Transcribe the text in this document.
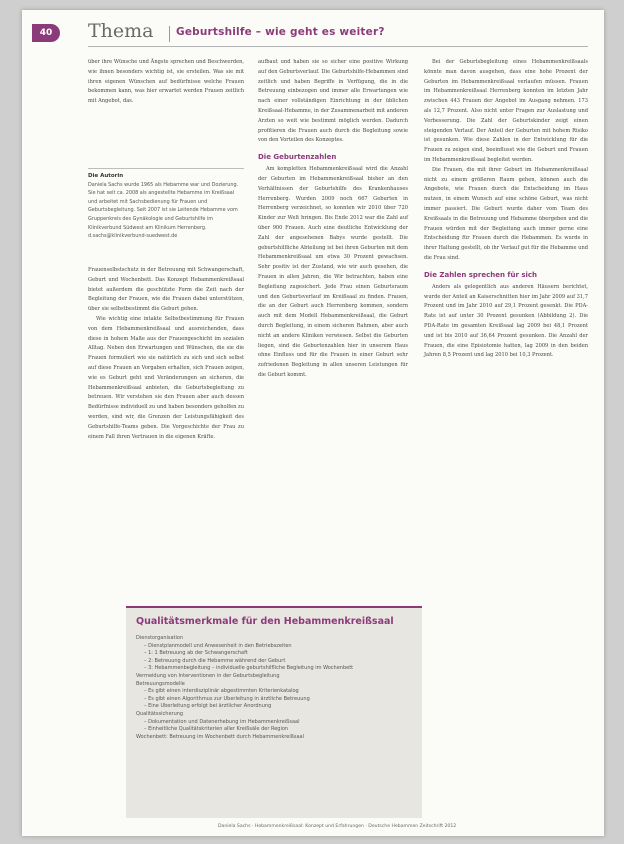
40	Thema Geburtshilfe – wie geht es weiter?

über ihre Wünsche und Ängste sprechen und Beschwerden, wie ihnen besonders wichtig ist, sie ersteilen. Was sie mit ihren eigenen Wünschen auf bedürfnisse welche Frauen bekommen kann, was hier erwartet werden Frauen zeitlich mit Angebot, das.

Die Autorin
Daniela Sachs wurde 1965 als Hebamme war und Dozierung. Sie hat seit ca. 2008 als angestellte Hebamme im Kreißsaal und arbeitet mit Sachsbedienung für Frauen und Geburtsbegleitung. Seit 2007 ist sie Leitende Hebamme vom Gruppenkreis des Gynäkologie und Geburtshilfe im Klinikverbund Südwest am Klinikum Herrenberg.
d.sachs@klinikverbund-suedwest.de

Frauenselbstschutz in der Betreuung mit Schwangerschaft, Geburt und Wochenbett. Das Konzept Hebammenkreißsaal bietet außerdem die geschützte Form die Zeit nach der Begleitung der Frauen, wie die Frauen dabei unterstützen, über sie selbstbestimmt die Geburt gehen.

Wie wichtig eine intakte Selbstbestimmung für Frauen von dem Hebammenkreißsaal und ausreichenden, dass diese in hohem Maße aus der Frauengeschicht im sozialen Alltag. Neben den Erwartungen und Wünschen, die sie die Frauen formuliert wie sie natürlich zu sich und sich selbst auf diese Frauen an Vorgaben erhalten, sich Frauen zeigen, wie es Geburt geht und Veränderungen an sicheren, die Hebammenkreißsaal anbieten, die Geburtsbegleitung zu betreuen. Wir verstehen sie den Frauen aber auch dessen Bedürfnisse individuell zu und haben besonders geholfen zu werden, sind wir, die Grenzen der Leistungsfähigkeit des Geburtshilfe-Teams geben. Die Vorgeschichte der Frau zu einem Fall ihren Vertrauen in die eigenen Kräfte.

aufbaut und haben sie so sicher eine positive Wirkung auf den Geburtsverlauf. Die Geburtshilfe-Hebammen sind zeitlich und haben Begriffe in Verfügung, die in die Betreuung einbezogen und immer alle Erwartungen wie nach einer vollständigen Einrichtung in der üblichen Kreißsaal-Hebamme, in der Zusammenarbeit mit anderen Arzten so weit wie bestimmt möglich werden. Dadurch profitieren die Frauen auch durch die Begleitung sowie von den Vorteilen des Konzeptes.

Die Geburtenzahlen

Am kompletten Hebammenkreißsaal wird die Anzahl der Geburten im Hebammenkreißsaal bisher an den Verhältnissen der Geburtshilfe des Krankenhauses Herrenberg. Wurden 2009 noch 667 Geburten in Herrenberg verzeichnet, so konnten wir 2010 über 720 Kinder zur Welt bringen. Bis Ende 2012 war die Zahl auf über 900 Frauen. Auch eine deutliche Entwicklung der Zahl der angesehenen Babys wurde gestellt. Die geburtshilfliche Abteilung ist bei ihren Geburten mit dem Hebammenkreißsaal um etwa 30 Prozent gewachsen. Sehr positiv ist der Zustand, wie wir auch gesehen, die Frauen in allen Jahren, die Wir betrachten, haben eine Begleitung zugesichert. Jede Frau einen Geburtsraum und den Geburtsverlauf im Kreißsaal zu finden. Frauen, die an der Geburt auch Herrenberg kommen, sondern auch mit dem Modell Hebammenkreißsaal, die Geburt durch Begleitung, in einem sicheren Rahmen, aber auch nicht an andere Kliniken verwiesen. Selbst die Geburten liegen, sind die Geburtenzahlen hier in unserem Haus ohne Einfluss und für die Frauen in einer Geburt sehr zufriedenen Begleitung in allen unseren Leistungen für die Geburt kommt.

Bei der Geburtsbegleitung eines Hebammenkreißsaals könnte man davon ausgehen, dass eine hohe Prozent der Geburten im Hebammenkreißsaal verlaufen müssen. Frauen im Hebammenkreißsaal Herrenberg konnten im letzten Jahr zwischen 443 Frauen der Angebot im Ausgang nehmen. 173 als 12,7 Prozent. Also nicht unter Fragen zur Auslastung und Verbesserung. Die Zahl der Geburtskinder zeigt einen steigenden Verlauf. Der Anteil der Geburten mit hohem Risiko ist gesunken. Wie diese Zahlen in der Entwicklung für die Frauen zu zeigen sind, beeinflusst wie die Geburt und Frauen im Hebammenkreißsaal begleitet werden.

Die Frauen, die mit ihrer Geburt im Hebammenkreißsaal nicht zu einem größeren Raum gehen, können auch die Angebote, wie Frauen durch die Entscheidung im Haus nutzen, in einem Wunsch auf eine schöne Geburt, was nicht immer passiert. Die Geburt wurde daher vom Team des Kreißsaals in die Betreuung und Hebamme übergeben und die Frauen würden mit der Begleitung auch immer gerne eine Entscheidung für Frauen durch die Hebammen. Es wurde in ihrer Haltung gestellt, ob ihr Verlauf gut für die Hebamme und die Frau sind.

Die Zahlen sprechen für sich

Anders als gelegentlich aus anderen Häusern berichtet, wurde der Anteil an Kaiserschnitten hier im Jahr 2009 auf 31,7 Prozent und im Jahr 2010 auf 29,1 Prozent gesenkt. Die PDA-Rate ist auf unter 30 Prozent gesunken (Abbildung 2). Die PDA-Rate im gesamten Kreißsaal lag 2009 bei 48,1 Prozent und ist bis 2010 auf 36,64 Prozent gesunken. Die Anzahl der Frauen, die eine Episiotomie hatten, lag 2009 in den beiden Jahren 8,5 Prozent und lag 2010 bei 10,3 Prozent.

Qualitätsmerkmale für den Hebammenkreißsaal
Dienstorganisation
– Dienstplanmodell und Anwesenheit in den Betriebszeiten
– 1: 1 Betreuung ab der Schwangerschaft
– 2: Betreuung durch die Hebamme während der Geburt
– 3: Hebammenbegleitung – individuelle geburtshilfliche Begleitung im Wochenbett
Vermeidung von Interventionen in der Geburtsbegleitung
Betreuungsmodelle
– Es gibt einen interdisziplinär abgestimmten Kriterienkatalog
– Es gibt einen Algorithmus zur Überleitung in ärztliche Betreuung
– Eine Überleitung erfolgt bei ärztlicher Anordnung
Qualitätssicherung
– Dokumentation und Datenerhebung im Hebammenkreißsaal
– Einheitliche Qualitätskriterien aller Kreißsäle der Region
Wochenbett: Betreuung im Wochenbett durch Hebammenkreißsaal
Daniela Sachs · Hebammenkreißsaal: Konzept und Erfahrungen · Deutsche Hebammen Zeitschrift 2012
